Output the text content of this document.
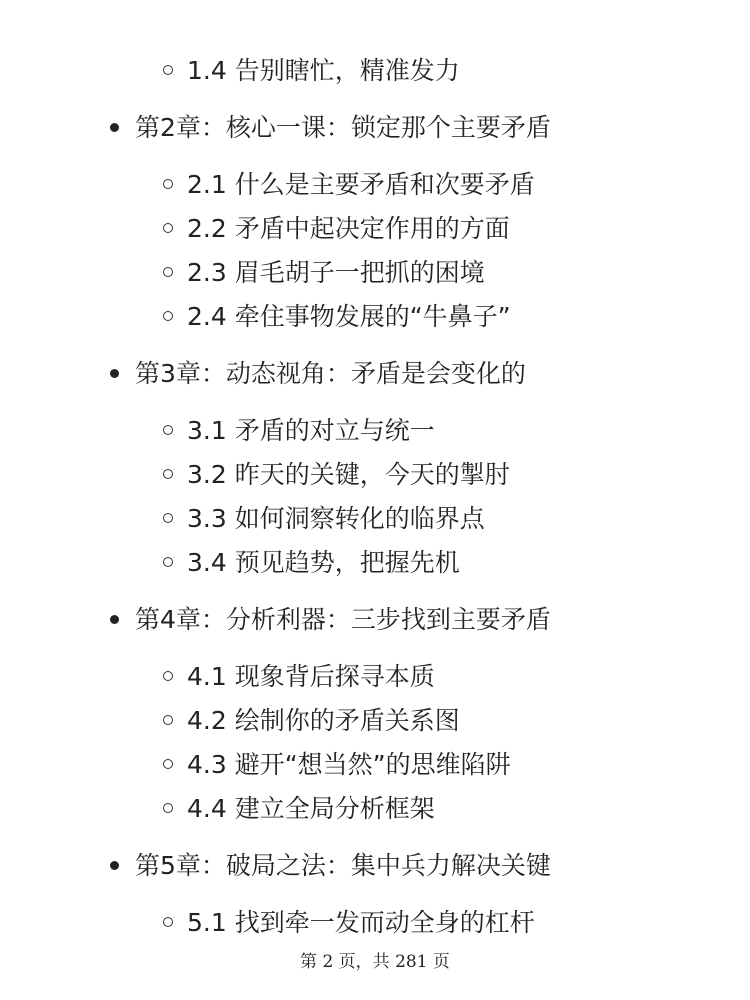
1.4 告别瞎忙，精准发力
第2章：核心一课：锁定那个主要矛盾
2.1 什么是主要矛盾和次要矛盾
2.2 矛盾中起决定作用的方面
2.3 眉毛胡子一把抓的困境
2.4 牵住事物发展的“牛鼻子”
第3章：动态视角：矛盾是会变化的
3.1 矛盾的对立与统一
3.2 昨天的关键，今天的掣肘
3.3 如何洞察转化的临界点
3.4 预见趋势，把握先机
第4章：分析利器：三步找到主要矛盾
4.1 现象背后探寻本质
4.2 绘制你的矛盾关系图
4.3 避开“想当然”的思维陷阱
4.4 建立全局分析框架
第5章：破局之法：集中兵力解决关键
5.1 找到牵一发而动全身的杠杆
第 2 页，共 281 页
